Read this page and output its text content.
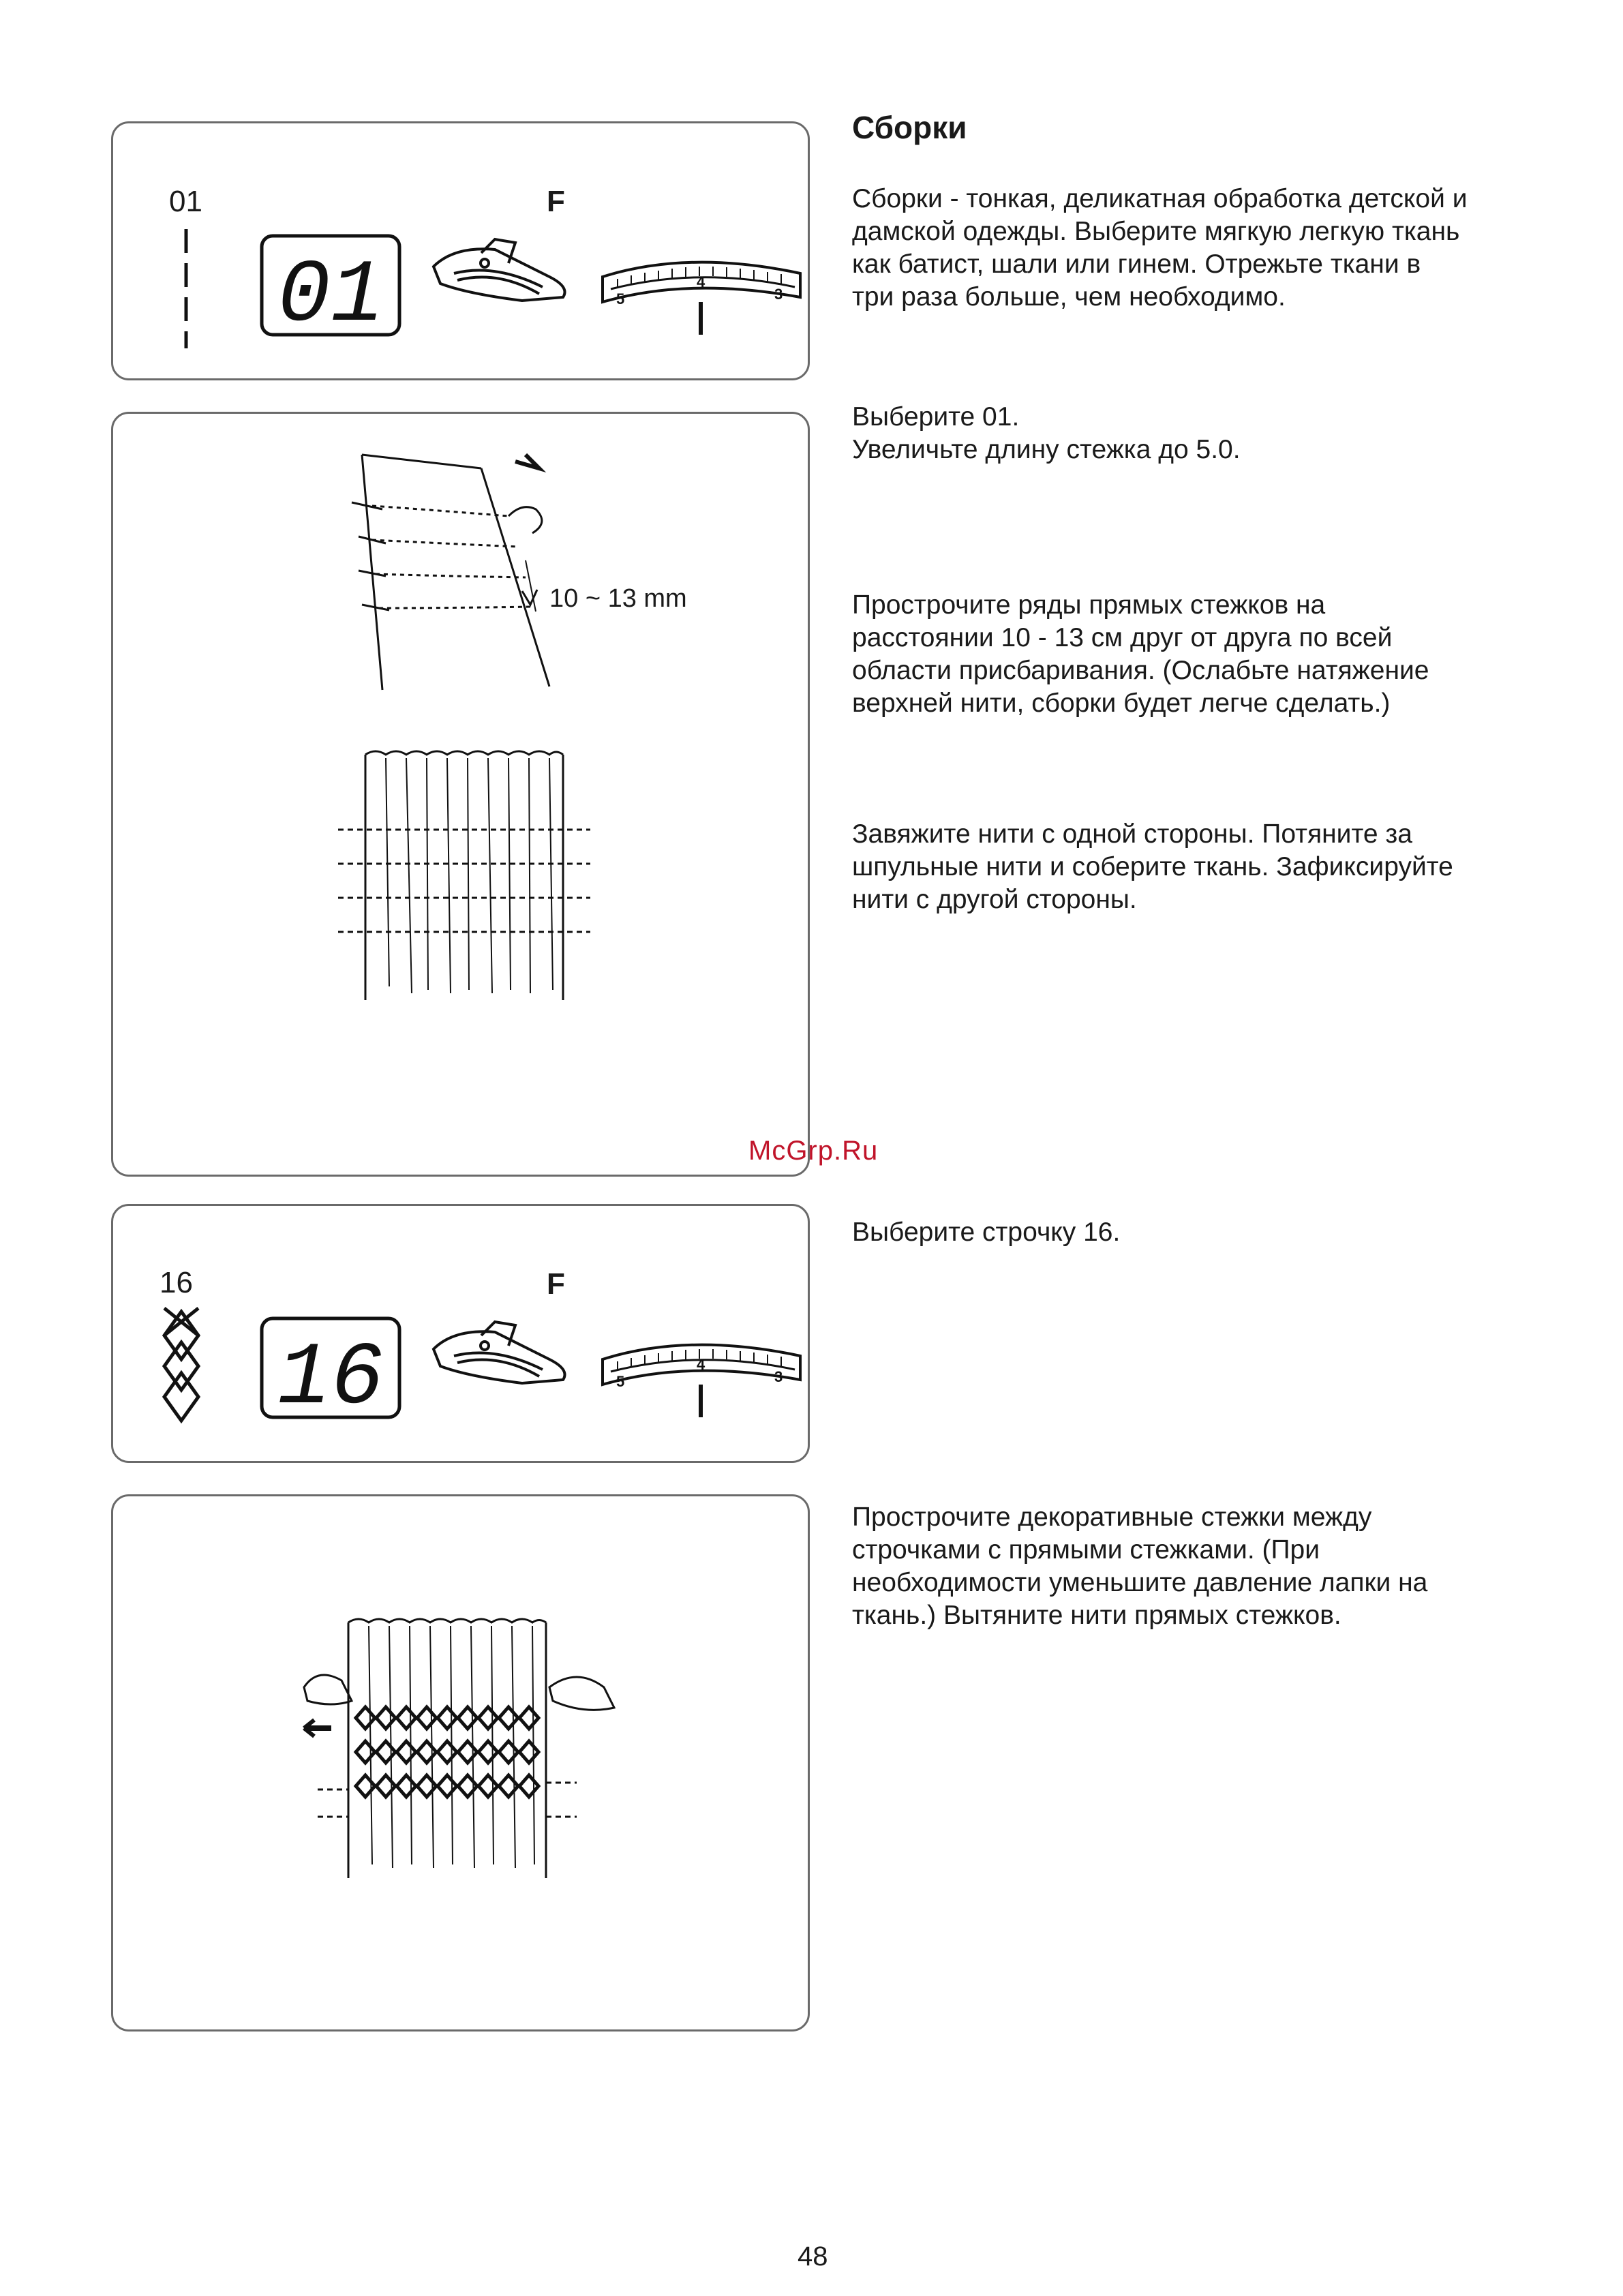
01	F
01	5
4
3
10 ~ 13 mm
McGrp.Ru
16	F
16	5
4
3
Сборки

Сборки - тонкая, деликатная обработка детской и
дамской одежды. Выберите мягкую легкую ткань
как батист, шали или гинем. Отрежьте ткани в
три раза больше, чем необходимо.

Выберите 01.
Увеличьте длину стежка до 5.0.

Прострочите ряды прямых стежков на
расстоянии 10 - 13 см друг от друга по всей
области присбаривания. (Ослабьте натяжение
верхней нити, сборки будет легче сделать.)

Завяжите нити с одной стороны. Потяните за
шпульные нити и соберите ткань. Зафиксируйте
нити с другой стороны.

Выберите строчку 16.

Прострочите декоративные стежки между
строчками с прямыми стежками. (При
необходимости уменьшите давление лапки на
ткань.) Вытяните нити прямых стежков.

48
